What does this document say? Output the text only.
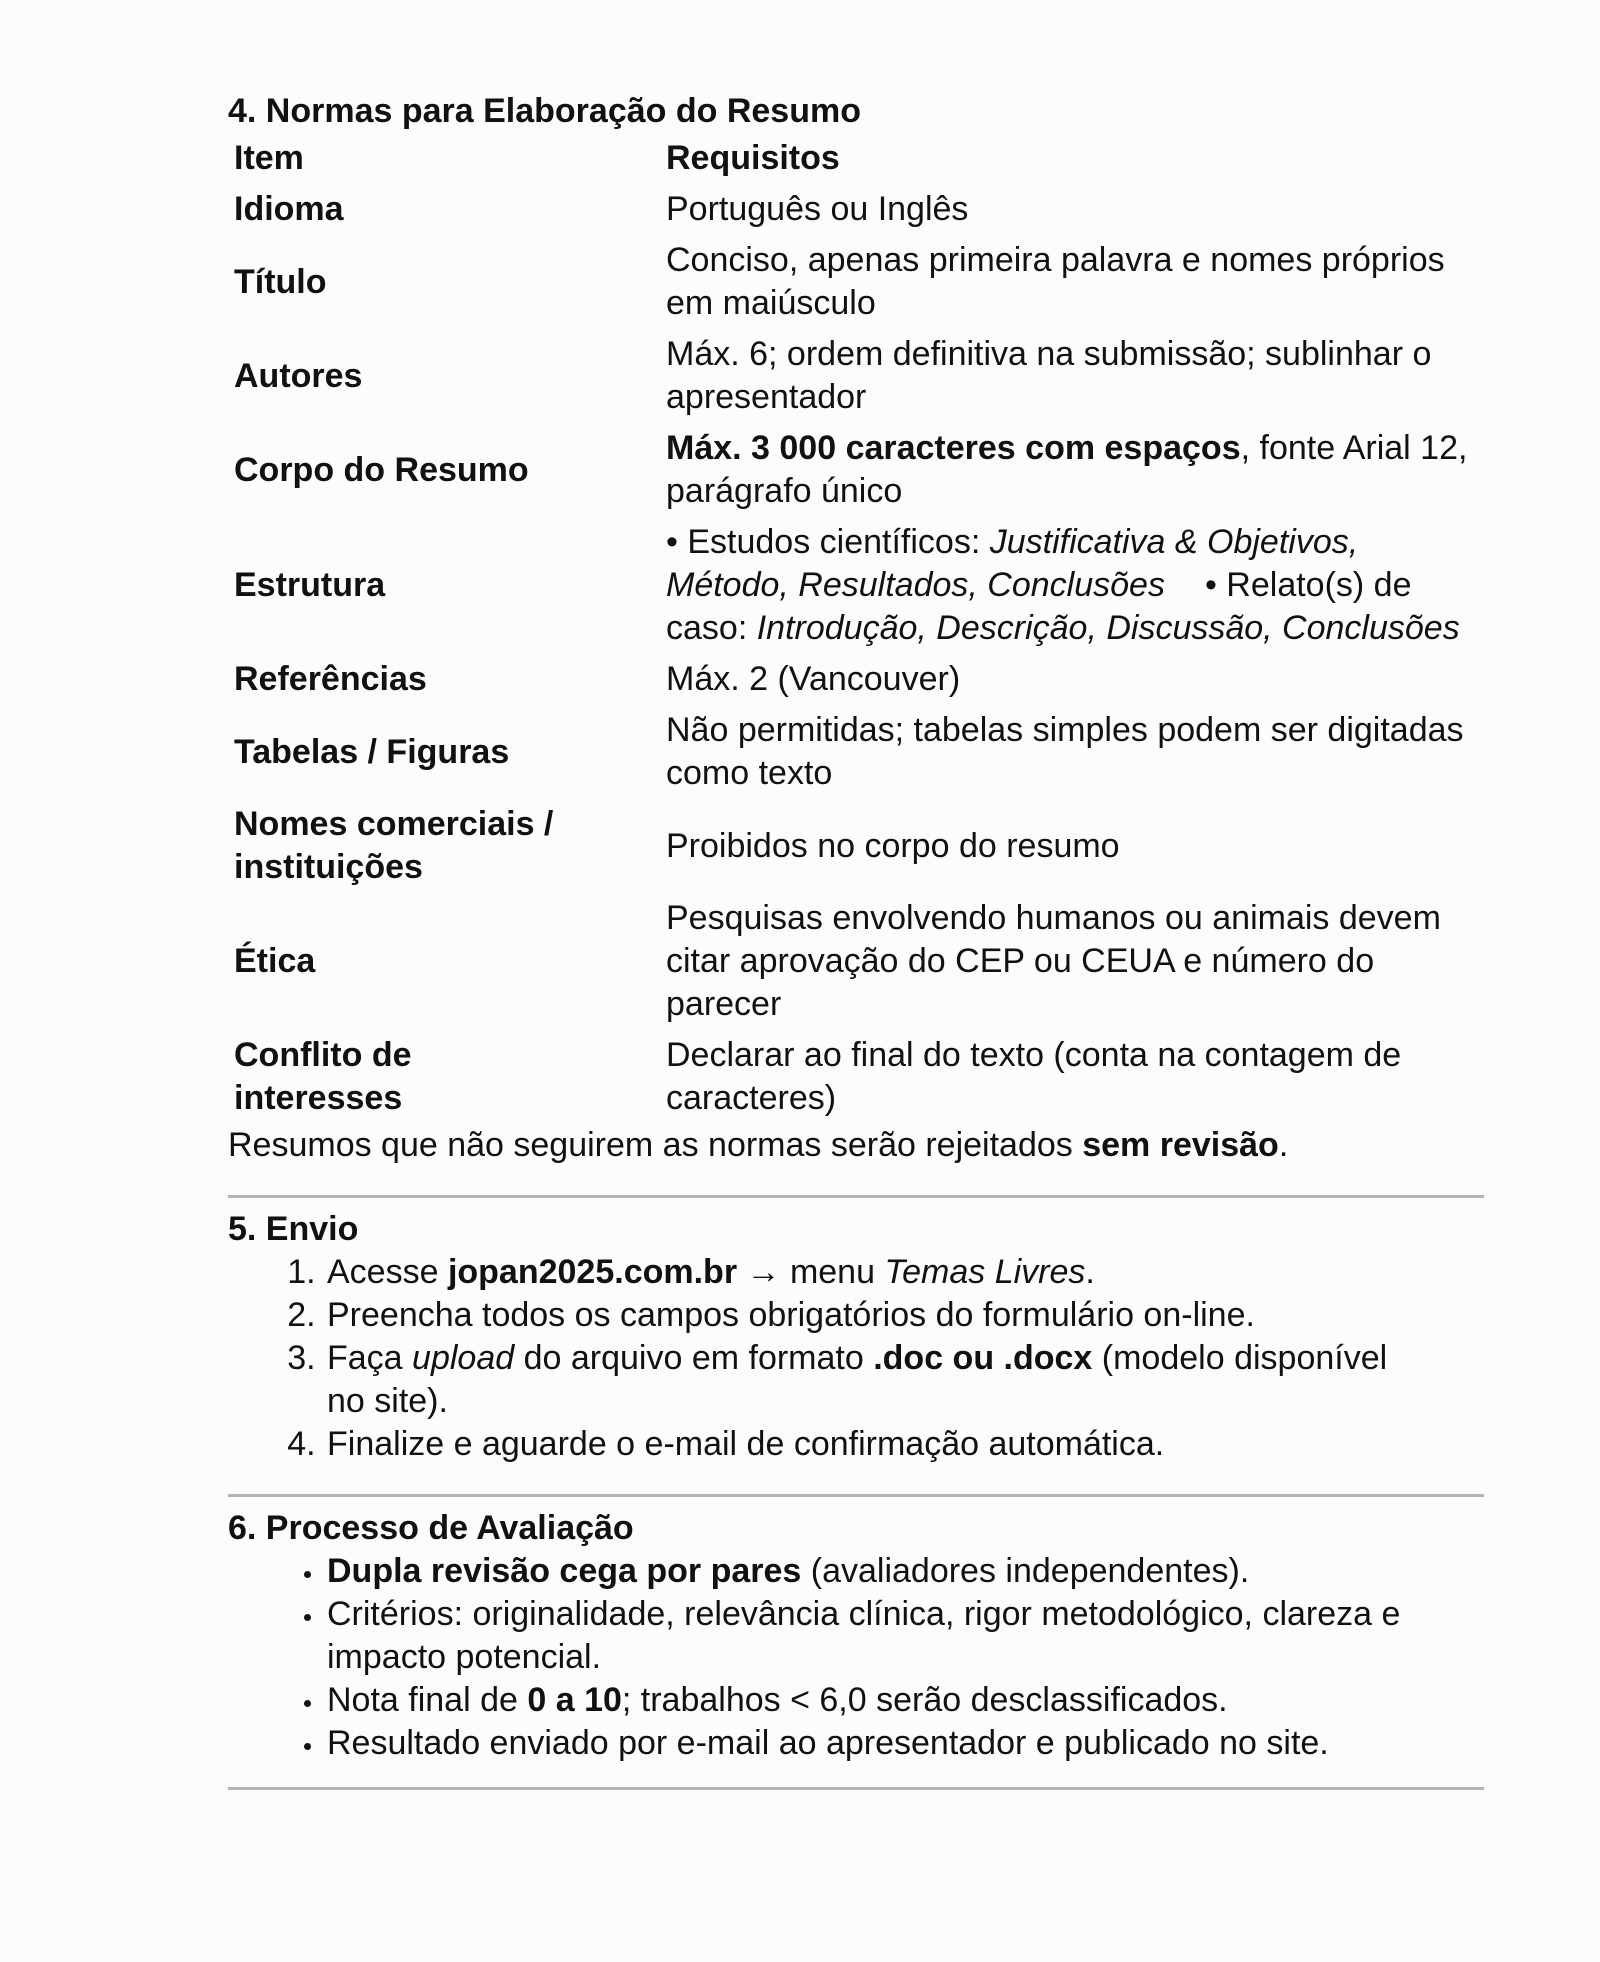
4. Normas para Elaboração do Resumo
Item	Requisitos
Idioma	Português ou Inglês
Título	Conciso, apenas primeira palavra e nomes próprios em maiúsculo
Autores	Máx. 6; ordem definitiva na submissão; sublinhar o apresentador
Corpo do Resumo	Máx. 3 000 caracteres com espaços, fonte Arial 12, parágrafo único
Estrutura	• Estudos científicos: Justificativa & Objetivos, Método, Resultados, Conclusões • Relato(s) de caso: Introdução, Descrição, Discussão, Conclusões
Referências	Máx. 2 (Vancouver)
Tabelas / Figuras	Não permitidas; tabelas simples podem ser digitadas como texto
Nomes comerciais / instituições	Proibidos no corpo do resumo
Ética	Pesquisas envolvendo humanos ou animais devem citar aprovação do CEP ou CEUA e número do parecer
Conflito de interesses	Declarar ao final do texto (conta na contagem de caracteres)

Resumos que não seguirem as normas serão rejeitados sem revisão.

5. Envio
1. Acesse jopan2025.com.br → menu Temas Livres.
2. Preencha todos os campos obrigatórios do formulário on-line.
3. Faça upload do arquivo em formato .doc ou .docx (modelo disponível no site).
4. Finalize e aguarde o e-mail de confirmação automática.
6. Processo de Avaliação
• Dupla revisão cega por pares (avaliadores independentes).
• Critérios: originalidade, relevância clínica, rigor metodológico, clareza e impacto potencial.
• Nota final de 0 a 10; trabalhos < 6,0 serão desclassificados.
• Resultado enviado por e-mail ao apresentador e publicado no site.
